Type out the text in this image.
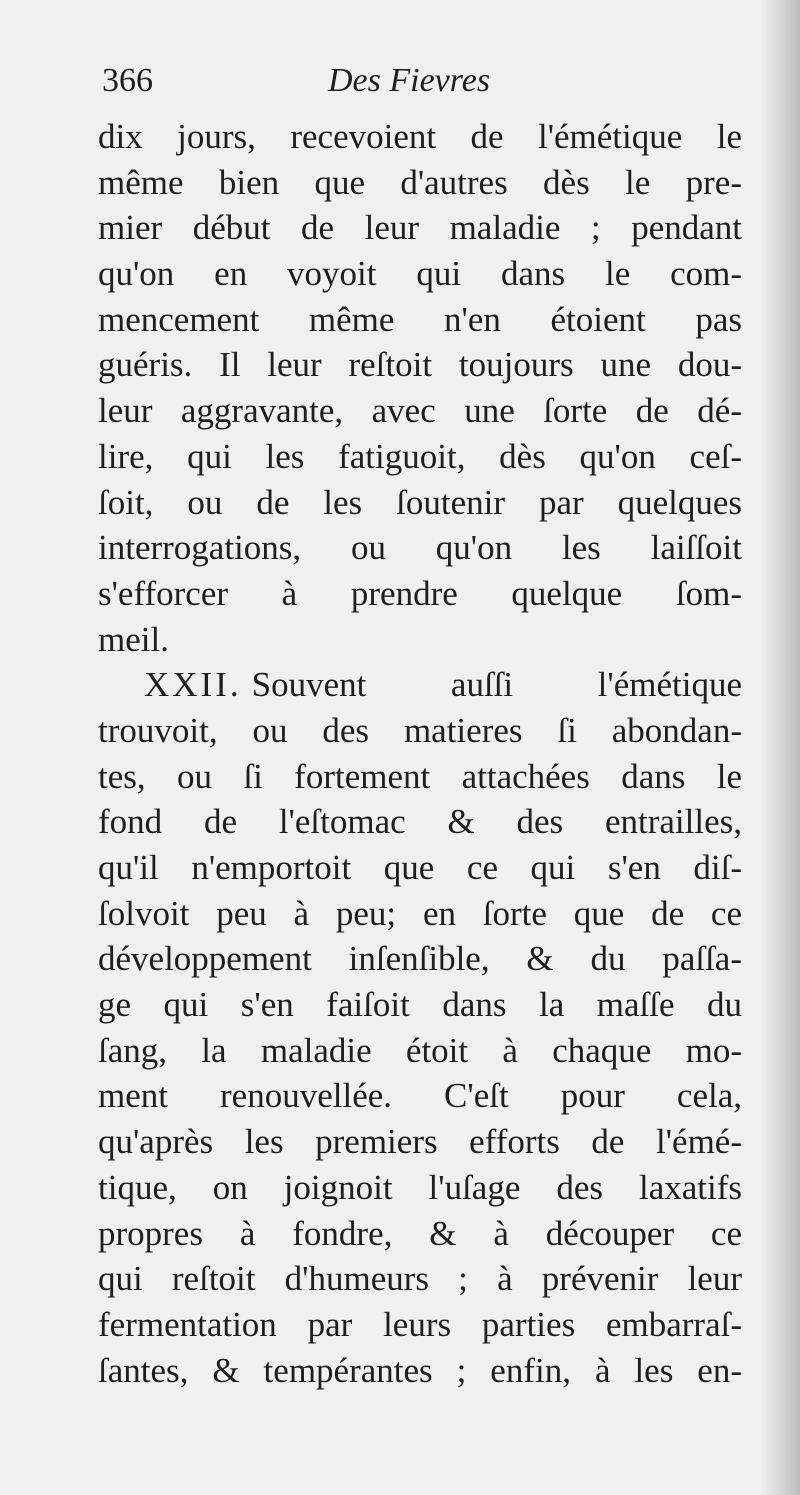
366	Des Fievres
dix jours, recevoient de l'émétique le
même bien que d'autres dès le pre-
mier début de leur maladie ; pendant
qu'on en voyoit qui dans le com-
mencement même n'en étoient pas
guéris. Il leur reſtoit toujours une dou-
leur aggravante, avec une ſorte de dé-
lire, qui les fatiguoit, dès qu'on ceſ-
ſoit, ou de les ſoutenir par quelques
interrogations, ou qu'on les laiſſoit
s'efforcer à prendre quelque ſom-
meil.
XXII. Souvent auſſi l'émétique
trouvoit, ou des matieres ſi abondan-
tes, ou ſi fortement attachées dans le
fond de l'eſtomac & des entrailles,
qu'il n'emportoit que ce qui s'en diſ-
ſolvoit peu à peu; en ſorte que de ce
développement inſenſible, & du paſſa-
ge qui s'en faiſoit dans la maſſe du
ſang, la maladie étoit à chaque mo-
ment renouvellée. C'eſt pour cela,
qu'après les premiers efforts de l'émé-
tique, on joignoit l'uſage des laxatifs
propres à fondre, & à découper ce
qui reſtoit d'humeurs ; à prévenir leur
fermentation par leurs parties embarraſ-
ſantes, & tempérantes ; enfin, à les en-
